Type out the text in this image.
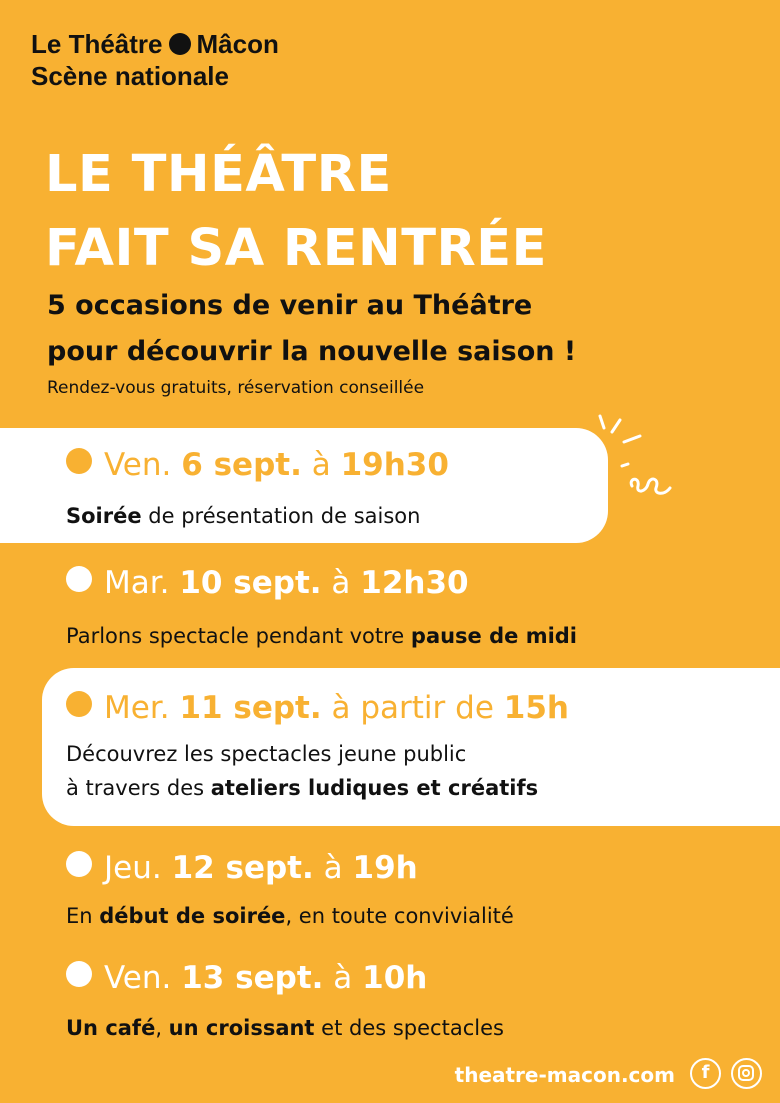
Le Théâtre Mâcon
Scène nationale
LE THÉÂTRE
FAIT SA RENTRÉE
5 occasions de venir au Théâtre
pour découvrir la nouvelle saison !
Rendez-vous gratuits, réservation conseillée
Ven. 6 sept. à 19h30
Soirée de présentation de saison
Mar. 10 sept. à 12h30
Parlons spectacle pendant votre pause de midi
Mer. 11 sept. à partir de 15h
Découvrez les spectacles jeune public
à travers des ateliers ludiques et créatifs
Jeu. 12 sept. à 19h
En début de soirée, en toute convivialité
Ven. 13 sept. à 10h
Un café, un croissant et des spectacles
theatre-macon.com	f
